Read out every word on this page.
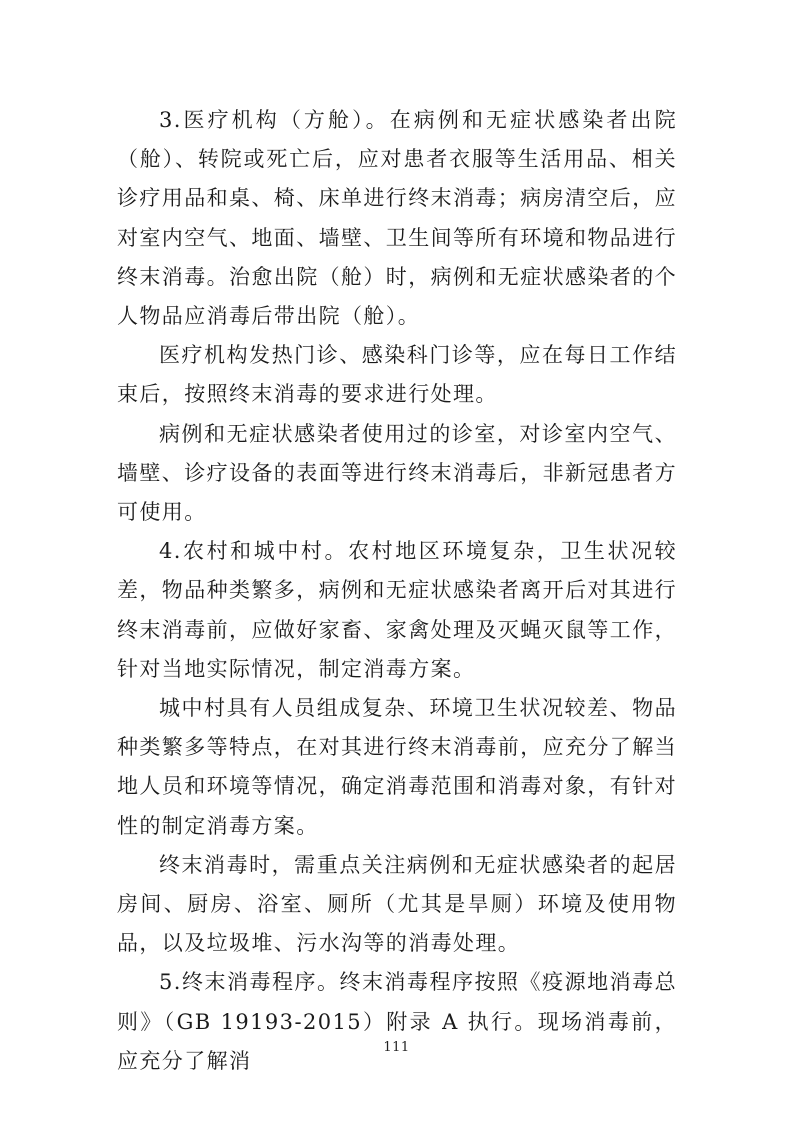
3.医疗机构（方舱）。在病例和无症状感染者出院（舱）、转院或死亡后，应对患者衣服等生活用品、相关诊疗用品和桌、椅、床单进行终末消毒；病房清空后，应对室内空气、地面、墙壁、卫生间等所有环境和物品进行终末消毒。治愈出院（舱）时，病例和无症状感染者的个人物品应消毒后带出院（舱）。

医疗机构发热门诊、感染科门诊等，应在每日工作结束后，按照终末消毒的要求进行处理。

病例和无症状感染者使用过的诊室，对诊室内空气、墙壁、诊疗设备的表面等进行终末消毒后，非新冠患者方可使用。

4.农村和城中村。农村地区环境复杂，卫生状况较差，物品种类繁多，病例和无症状感染者离开后对其进行终末消毒前，应做好家畜、家禽处理及灭蝇灭鼠等工作，针对当地实际情况，制定消毒方案。

城中村具有人员组成复杂、环境卫生状况较差、物品种类繁多等特点，在对其进行终末消毒前，应充分了解当地人员和环境等情况，确定消毒范围和消毒对象，有针对性的制定消毒方案。

终末消毒时，需重点关注病例和无症状感染者的起居房间、厨房、浴室、厕所（尤其是旱厕）环境及使用物品，以及垃圾堆、污水沟等的消毒处理。

5.终末消毒程序。终末消毒程序按照《疫源地消毒总则》（GB 19193-2015）附录 A 执行。现场消毒前，应充分了解消

111
